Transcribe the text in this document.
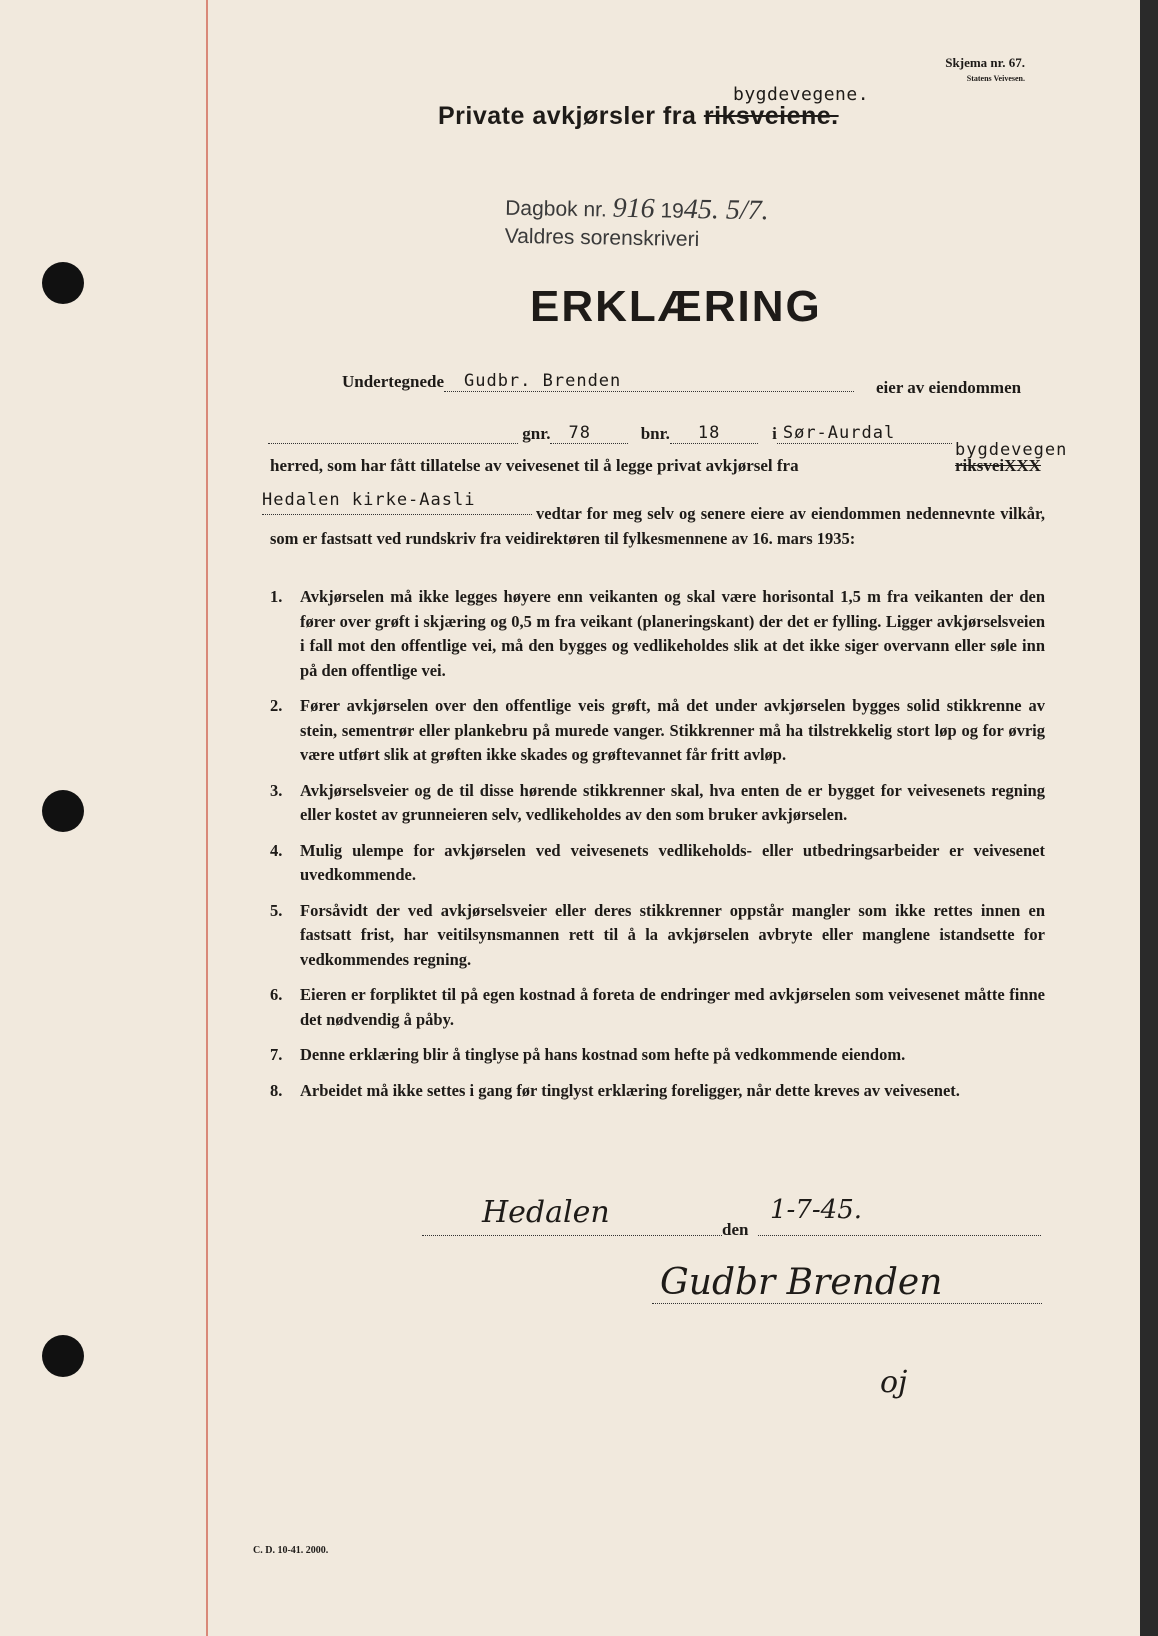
Skjema nr. 67.
Statens Veivesen.
Private avkjørsler fra riksveiene.
bygdevegene.
Dagbok nr. 916 1945. 5/7.
Valdres sorenskriveri
ERKLÆRING
Undertegnede Gudbr. Brenden	eier av eiendommen
gnr. 78	bnr. 18	i Sør-Aurdal
herred, som har fått tillatelse av veivesenet til å legge privat avkjørsel fra	riksveiXXX
bygdevegen
Hedalen kirke-Aasli
vedtar for meg selv og senere eiere av eiendommen nedennevnte vilkår, som er fastsatt ved rundskriv fra veidirektøren til fylkesmennene av 16. mars 1935:
1. Avkjørselen må ikke legges høyere enn veikanten og skal være horisontal 1,5 m fra veikanten der den fører over grøft i skjæring og 0,5 m fra veikant (planeringskant) der det er fylling. Ligger avkjørselsveien i fall mot den offentlige vei, må den bygges og vedlikeholdes slik at det ikke siger overvann eller søle inn på den offentlige vei.
2. Fører avkjørselen over den offentlige veis grøft, må det under avkjørselen bygges solid stikkrenne av stein, sementrør eller plankebru på murede vanger. Stikkrenner må ha tilstrekkelig stort løp og for øvrig være utført slik at grøften ikke skades og grøftevannet får fritt avløp.
3. Avkjørselsveier og de til disse hørende stikkrenner skal, hva enten de er bygget for veivesenets regning eller kostet av grunneieren selv, vedlikeholdes av den som bruker avkjørselen.
4. Mulig ulempe for avkjørselen ved veivesenets vedlikeholds- eller utbedringsarbeider er veivesenet uvedkommende.
5. Forsåvidt der ved avkjørselsveier eller deres stikkrenner oppstår mangler som ikke rettes innen en fastsatt frist, har veitilsynsmannen rett til å la avkjørselen avbryte eller manglene istandsette for vedkommendes regning.
6. Eieren er forpliktet til på egen kostnad å foreta de endringer med avkjørselen som veivesenet måtte finne det nødvendig å påby.
7. Denne erklæring blir å tinglyse på hans kostnad som hefte på vedkommende eiendom.
8. Arbeidet må ikke settes i gang før tinglyst erklæring foreligger, når dette kreves av veivesenet.
Hedalen	den
1-7-45.
Gudbr Brenden
oj
C. D. 10-41. 2000.
